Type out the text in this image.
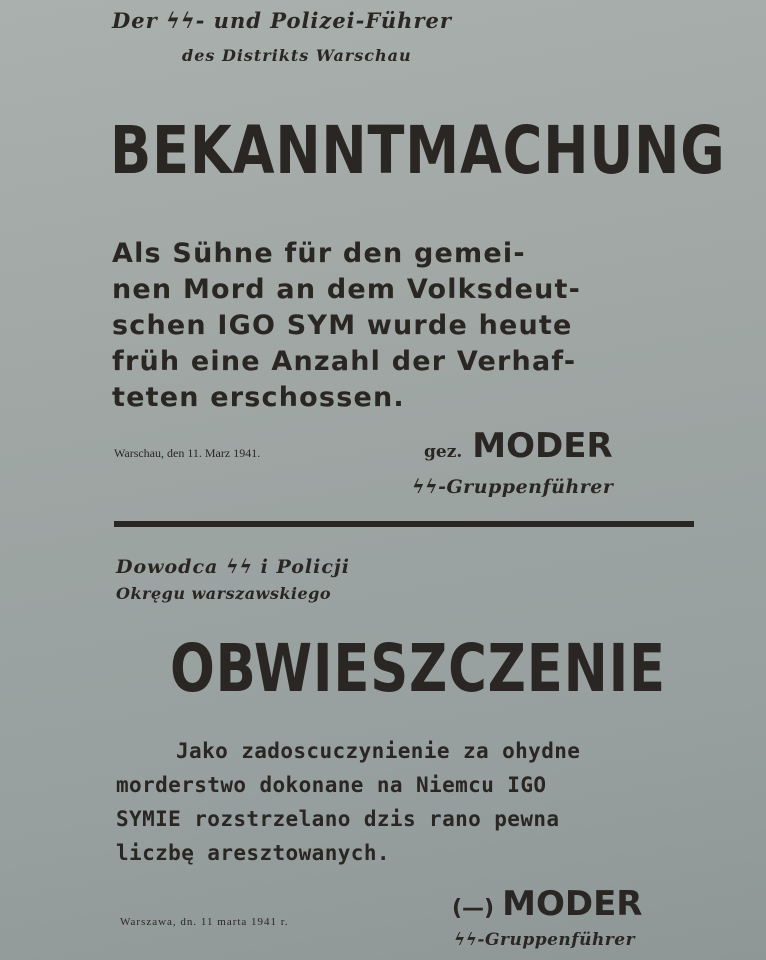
Der ϟϟ- und Polizei-Führer
des Distrikts Warschau
BEKANNTMACHUNG
Als Sühne für den gemei-
nen Mord an dem Volksdeut-
schen IGO SYM wurde heute
früh eine Anzahl der Verhaf-
teten erschossen.
Warschau, den 11. Marz 1941.	gez. MODER
ϟϟ-Gruppenführer
Dowodca ϟϟ i Policji
Okręgu warszawskiego
OBWIESZCZENIE
Jako zadoscuczynienie za ohydne
morderstwo dokonane na Niemcu IGO
SYMIE rozstrzelano dzis rano pewna
liczbę aresztowanych.
Warszawa, dn. 11 marta 1941 r.
(—) MODER
ϟϟ-Gruppenführer
